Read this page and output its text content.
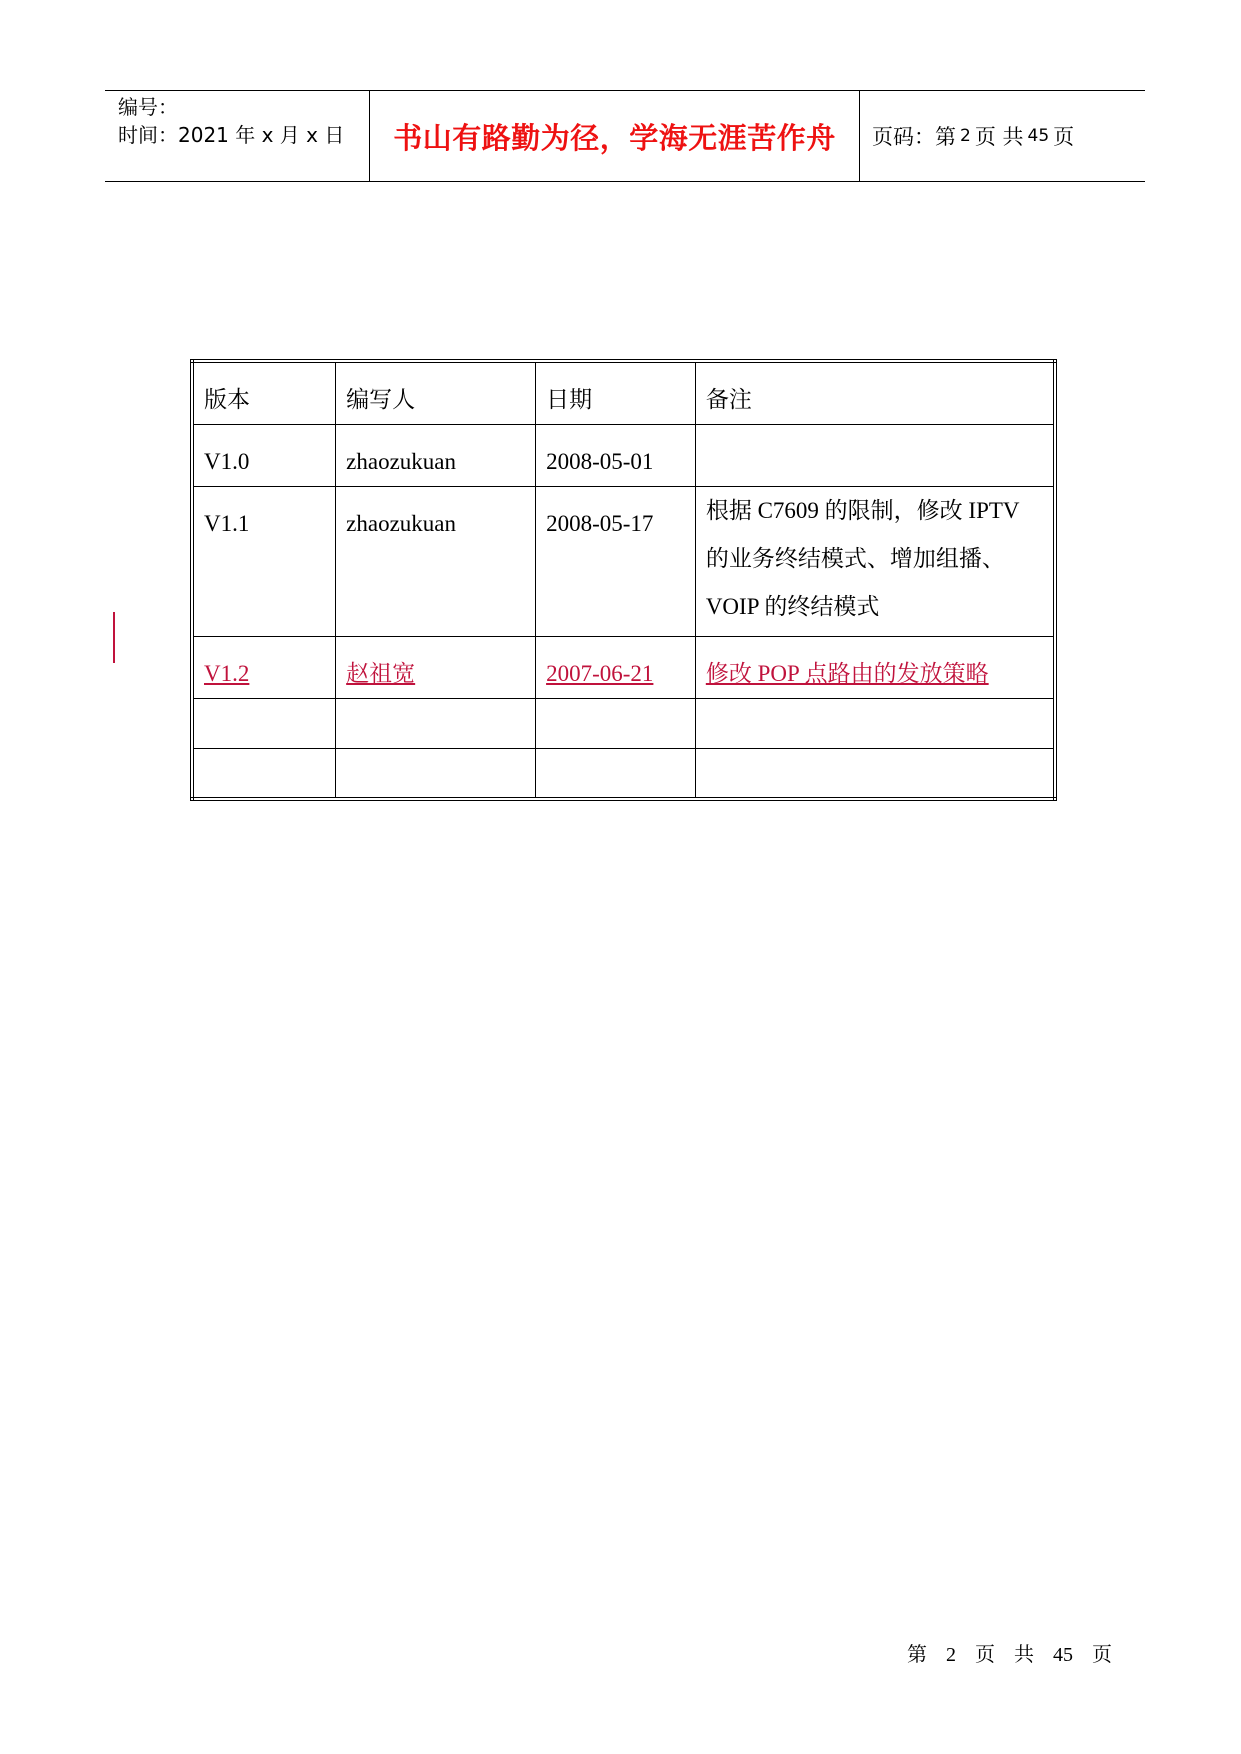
编号：
时间：2021 年 x 月 x 日	书山有路勤为径，学海无涯苦作舟	页码：第 2 页 共 45 页
版本	编写人	日期	备注
V1.0	zhaozukuan	2008-05-01	
V1.1	zhaozukuan	2008-05-17	根据 C7609 的限制，修改 IPTV 的业务终结模式、增加组播、VOIP 的终结模式
V1.2	赵祖宽	2007-06-21	修改 POP 点路由的发放策略

第 2 页 共 45 页
